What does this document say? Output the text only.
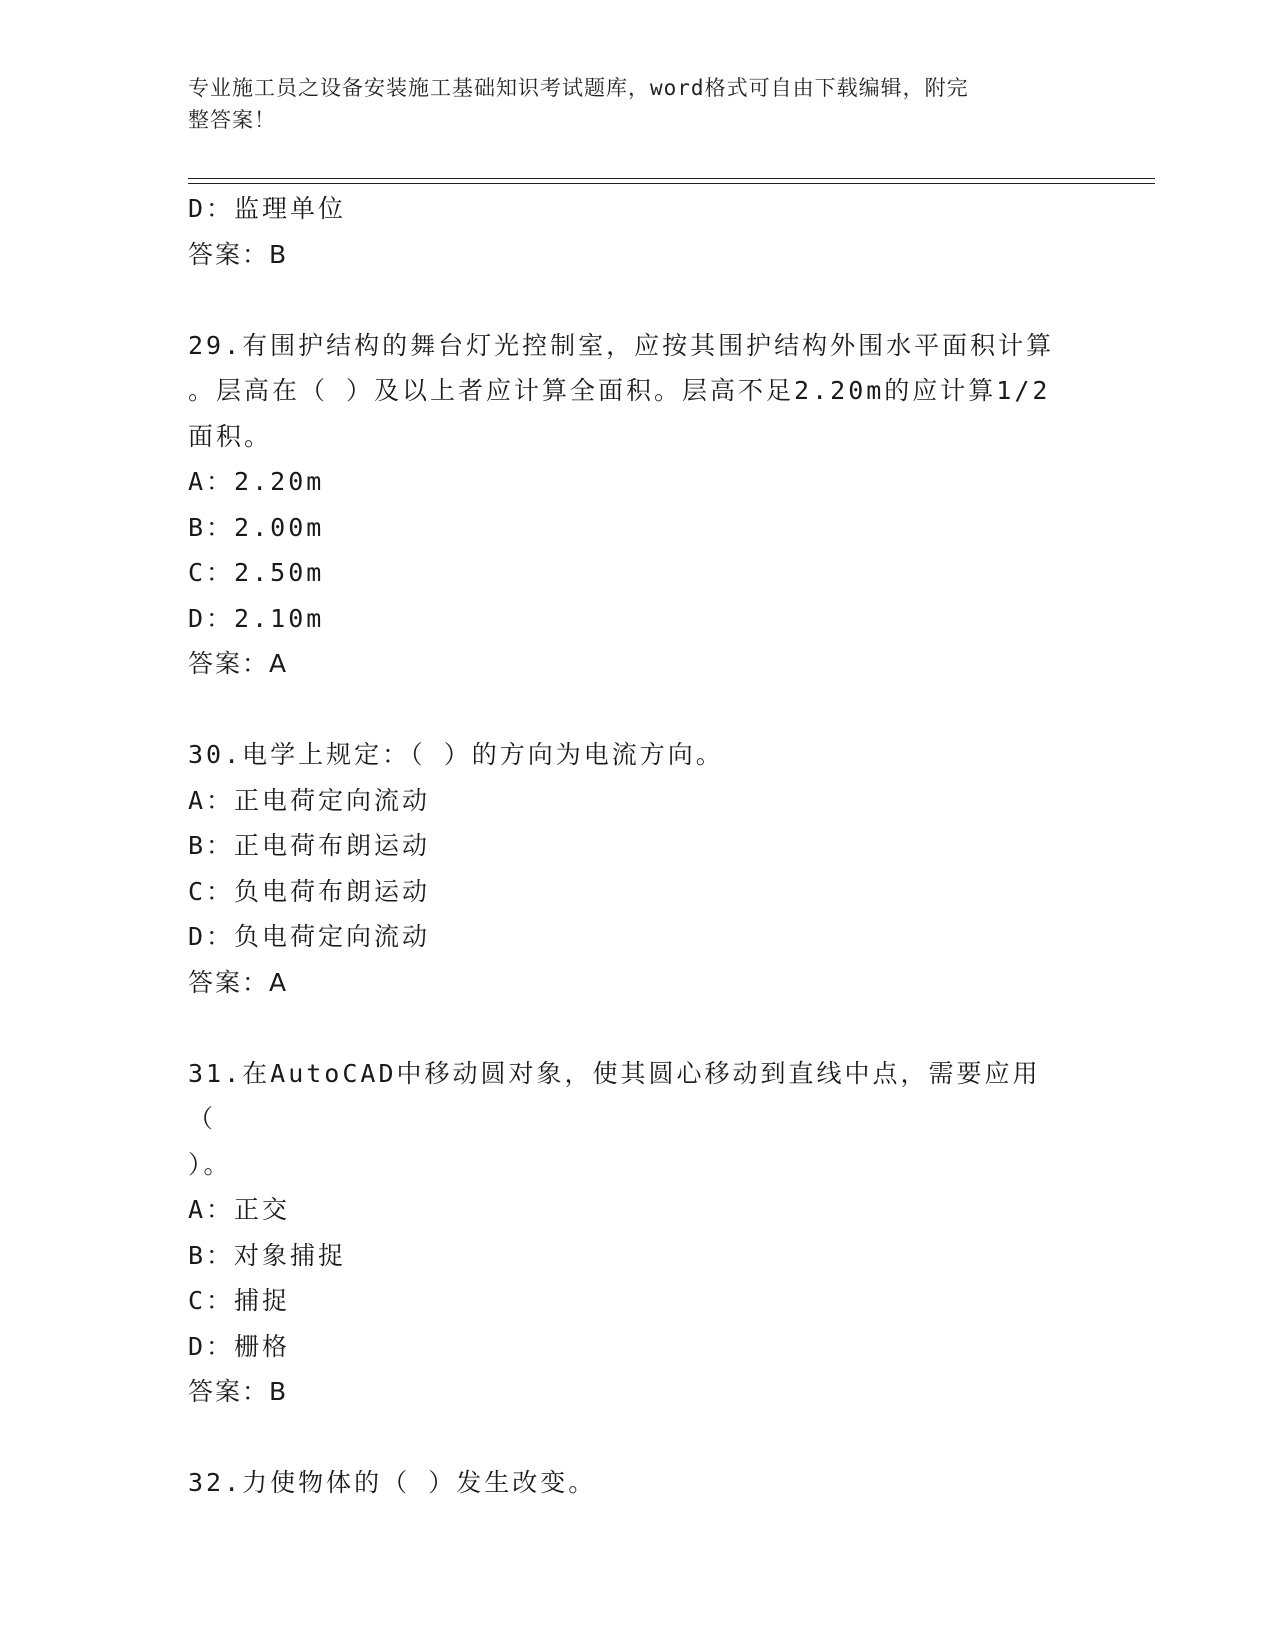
专业施工员之设备安装施工基础知识考试题库，word格式可自由下载编辑，附完
整答案！
D：监理单位
答案：B
29.有围护结构的舞台灯光控制室，应按其围护结构外围水平面积计算
。层高在（ ）及以上者应计算全面积。层高不足2.20m的应计算1/2
面积。
A：2.20m
B：2.00m
C：2.50m
D：2.10m
答案：A
30.电学上规定：（ ）的方向为电流方向。
A：正电荷定向流动
B：正电荷布朗运动
C：负电荷布朗运动
D：负电荷定向流动
答案：A
31.在AutoCAD中移动圆对象，使其圆心移动到直线中点，需要应用（
）。
A：正交
B：对象捕捉
C：捕捉
D：栅格
答案：B
32.力使物体的（ ）发生改变。
